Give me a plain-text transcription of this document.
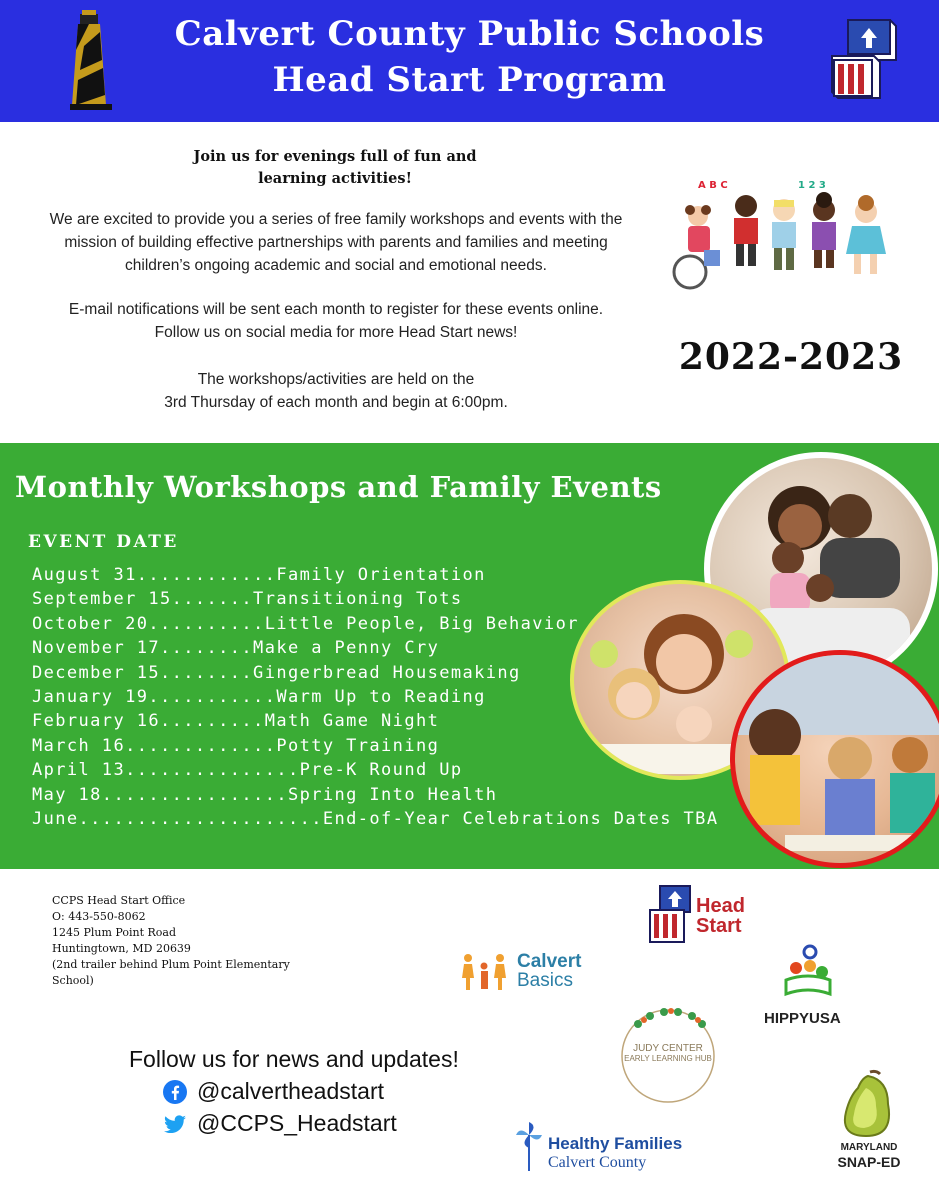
Calvert County Public Schools
Head Start Program
Join us for evenings full of fun and
learning activities!
We are excited to provide you a series of free family workshops and events with the
mission of building effective partnerships with parents and families and meeting
children’s ongoing academic and social and emotional needs.
E-mail notifications will be sent each month to register for these events online.
Follow us on social media for more Head Start news!
The workshops/activities are held on the
3rd Thursday of each month and begin at 6:00pm.
A B C	1 2 3
2022-2023
Monthly Workshops and Family Events
EVENT DATE
August 31............Family Orientation
September 15.......Transitioning Tots
October 20..........Little People, Big Behavior
November 17........Make a Penny Cry
December 15........Gingerbread Housemaking
January 19...........Warm Up to Reading
February 16.........Math Game Night
March 16.............Potty Training
April 13...............Pre-K Round Up
May 18................Spring Into Health
June.....................End-of-Year Celebrations Dates TBA
CCPS Head Start Office
O: 443-550-8062
1245 Plum Point Road
Huntingtown, MD 20639
(2nd trailer behind Plum Point Elementary
School)
Follow us for news and updates!
@calvertheadstart
@CCPS_Headstart
Head
Start
Calvert
Basics
HIPPYUSA
JUDY CENTER
EARLY LEARNING HUB
Healthy Families
Calvert County
MARYLAND
SNAP-ED
